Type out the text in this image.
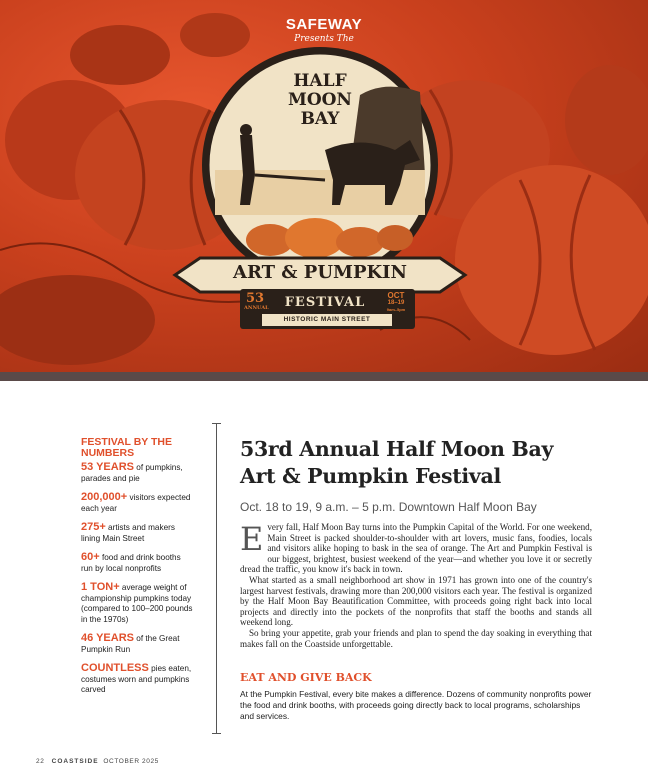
SAFEWAY
Presents The
HALF
MOON
BAY
ART & PUMPKIN
53
ANNUAL	FESTIVAL	OCT
18–19
9am–5pm
HISTORIC MAIN STREET
FESTIVAL BY THE NUMBERS
53 YEARS of pumpkins, parades and pie
200,000+ visitors expected each year
275+ artists and makers lining Main Street
60+ food and drink booths run by local nonprofits
1 TON+ average weight of championship pumpkins today (compared to 100–200 pounds in the 1970s)
46 YEARS of the Great Pumpkin Run
COUNTLESS pies eaten, costumes worn and pumpkins carved
53rd Annual Half Moon Bay
Art & Pumpkin Festival
Oct. 18 to 19, 9 a.m. – 5 p.m. Downtown Half Moon Bay

Every fall, Half Moon Bay turns into the Pumpkin Capital of the World. For one weekend, Main Street is packed shoulder-to-shoulder with art lovers, music fans, foodies, locals and visitors alike hoping to bask in the sea of orange. The Art and Pumpkin Festival is our biggest, brightest, busiest weekend of the year—and whether you love it or secretly dread the traffic, you know it's back in town.

What started as a small neighborhood art show in 1971 has grown into one of the country's largest harvest festivals, drawing more than 200,000 visitors each year. The festival is organized by the Half Moon Bay Beautification Committee, with proceeds going right back into local projects and directly into the pockets of the nonprofits that staff the booths and stands all weekend long.

So bring your appetite, grab your friends and plan to spend the day soaking in everything that makes fall on the Coastside unforgettable.

EAT AND GIVE BACK

At the Pumpkin Festival, every bite makes a difference. Dozens of community nonprofits power the food and drink booths, with proceeds going directly back to local programs, scholarships and services.

22 COASTSIDE OCTOBER 2025
